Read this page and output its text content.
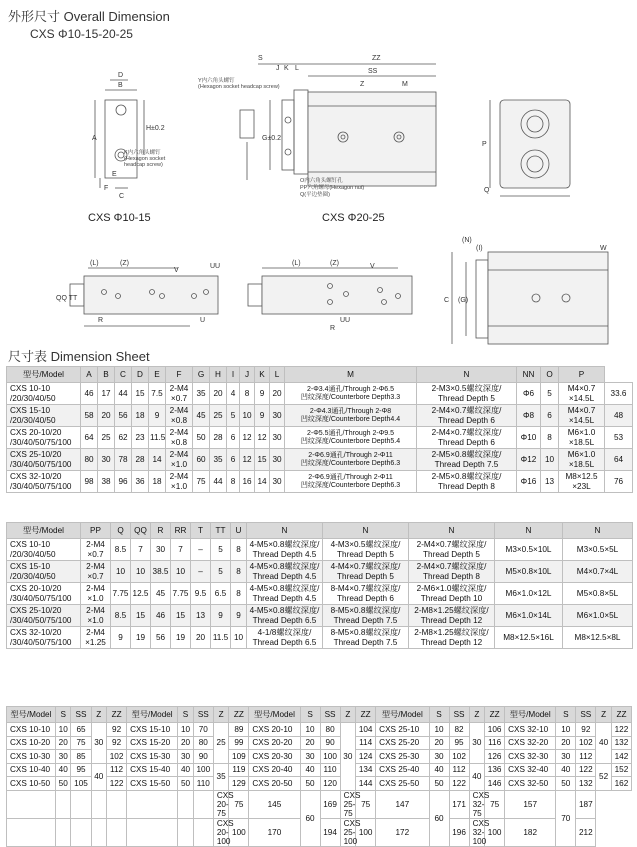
外形尺寸 Overall Dimension
CXS Φ10-15-20-25
A
B
D
C
F
E
H±0.2
S	ZZ
SS
Z	M
K L
J
G±0.2
P
Q
W
(N)
(I)
C (G)
(Z)
(L)
V
UU
R	U
QQ TT
(L)	(Z)	V
UU
R
K内六角头螺钉
(Hexagon socket
headcap screw)
Y内六角头螺钉
(Hexagon socket headcap screw)
O内六角头螺钉孔
PP六角螺母(Hexagon nut)
Q(平边垫圈)
CXS Φ10-15	CXS Φ20-25
尺寸表 Dimension Sheet
型号/Model	A	B	C	D	E	F	G	H	I	J	K	L	M	N	NN	O	P	
CXS 10-10
/20/30/40/50	46	17	44	15	7.5	2-M4
×0.7	35	20	4	8	9	20	2-Φ3.4通孔/Through 2-Φ6.5
凹纹深度/Counterbore Depth3.3	2-M3×0.5螺纹深度/
Thread Depth 5	Φ6	5	M4×0.7
×14.5L	33.6
CXS 15-10
/20/30/40/50	58	20	56	18	9	2-M4
×0.8	45	25	5	10	9	30	2-Φ4.3通孔/Through 2-Φ8
凹纹深度/Counterbore Depth4.4	2-M4×0.7螺纹深度/
Thread Depth 6	Φ8	6	M4×0.7
×14.5L	48
CXS 20-10/20
/30/40/50/75/100	64	25	62	23	11.5	2-M4
×0.8	50	28	6	12	12	30	2-Φ5.5通孔/Through 2-Φ9.5
凹纹深度/Counterbore Depth5.4	2-M4×0.7螺纹深度/
Thread Depth 6	Φ10	8	M6×1.0
×18.5L	53
CXS 25-10/20
/30/40/50/75/100	80	30	78	28	14	2-M4
×1.0	60	35	6	12	15	30	2-Φ6.9通孔/Through 2-Φ11
凹纹深度/Counterbore Depth6.3	2-M5×0.8螺纹深度/
Thread Depth 7.5	Φ12	10	M6×1.0
×18.5L	64
CXS 32-10/20
/30/40/50/75/100	98	38	96	36	18	2-M4
×1.0	75	44	8	16	14	30	2-Φ6.9通孔/Through 2-Φ11
凹纹深度/Counterbore Depth6.3	2-M5×0.8螺纹深度/
Thread Depth 8	Φ16	13	M8×12.5
×23L	76
型号/Model	PP	Q	QQ	R	RR	T	TT	U	N	N	N	N	N
CXS 10-10
/20/30/40/50	2-M4
×0.7	8.5	7	30	7	–	5	8	4-M5×0.8螺纹深度/
Thread Depth 4.5	4-M3×0.5螺纹深度/
Thread Depth 5	2-M4×0.7螺纹深度/
Thread Depth 5	M3×0.5×10L	M3×0.5×5L
CXS 15-10
/20/30/40/50	2-M4
×0.7	10	10	38.5	10	–	5	8	4-M5×0.8螺纹深度/
Thread Depth 4.5	4-M4×0.7螺纹深度/
Thread Depth 5	2-M4×0.7螺纹深度/
Thread Depth 8	M5×0.8×10L	M4×0.7×4L
CXS 20-10/20
/30/40/50/75/100	2-M4
×1.0	7.75	12.5	45	7.75	9.5	6.5	8	4-M5×0.8螺纹深度/
Thread Depth 4.5	8-M4×0.7螺纹深度/
Thread Depth 6	2-M6×1.0螺纹深度/
Thread Depth 10	M6×1.0×12L	M5×0.8×5L
CXS 25-10/20
/30/40/50/75/100	2-M4
×1.0	8.5	15	46	15	13	9	9	4-M5×0.8螺纹深度/
Thread Depth 6.5	8-M5×0.8螺纹深度/
Thread Depth 7.5	2-M8×1.25螺纹深度/
Thread Depth 12	M6×1.0×14L	M6×1.0×5L
CXS 32-10/20
/30/40/50/75/100	2-M4
×1.25	9	19	56	19	20	11.5	10	4-1/8螺纹深度/
Thread Depth 6.5	8-M5×0.8螺纹深度/
Thread Depth 7.5	2-M8×1.25螺纹深度/
Thread Depth 12	M8×12.5×16L	M8×12.5×8L
型号/Model	S	SS	Z	ZZ	型号/Model	S	SS	Z	ZZ	型号/Model	S	SS	Z	ZZ	型号/Model	S	SS	Z	ZZ	型号/Model	S	SS	Z	ZZ
CXS 10-10	10	65	30	92	CXS 15-10	10	70	25	89	CXS 20-10	10	80	30	104	CXS 25-10	10	82	30	106	CXS 32-10	10	92	40	122
CXS 10-20	20	75		92	CXS 15-20	20	80		99	CXS 20-20	20	90		114	CXS 25-20	20	95		116	CXS 32-20	20	102		132
CXS 10-30	30	85		102	CXS 15-30	30	90		109	CXS 20-30	30	100		124	CXS 25-30	30	102		126	CXS 32-30	30	112		142
CXS 10-40	40	95	40	112	CXS 15-40	40	100	35	119	CXS 20-40	40	110		134	CXS 25-40	40	112	40	136	CXS 32-40	40	122	52	152
CXS 10-50	50	105		122	CXS 15-50	50	110		129	CXS 20-50	50	120		144	CXS 25-50	50	122		146	CXS 32-50	50	132		162
								CXS 20-75	75	145	60	169	CXS 25-75	75	147	60	171	CXS 32-75	75	157	70	187		
								CXS 20-100	100	170		194	CXS 25-100	100	172		196	CXS 32-100	100	182		212		
